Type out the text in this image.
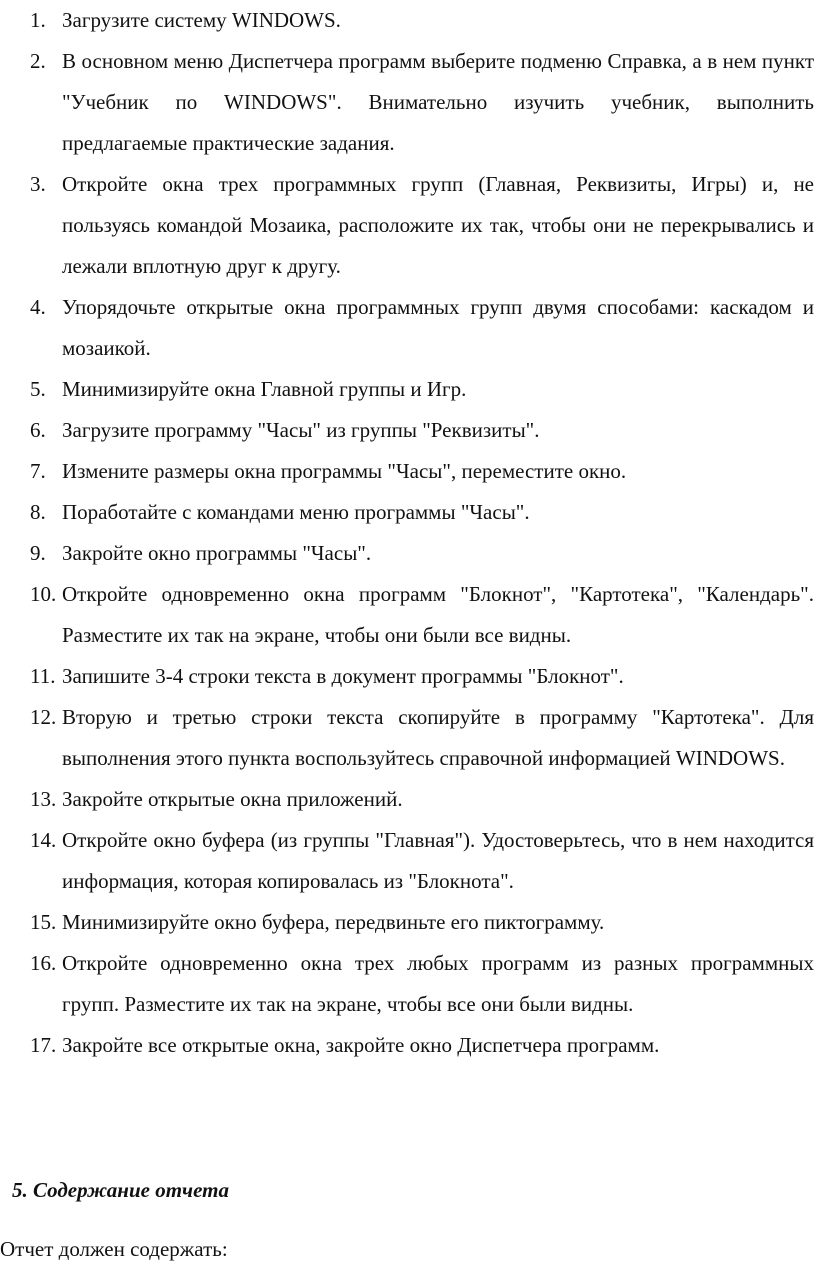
1. Загрузите систему WINDOWS.
2. В основном меню Диспетчера программ выберите подменю Справка, а в нем пункт "Учебник по WINDOWS". Внимательно изучить учебник, выполнить предлагаемые практические задания.
3. Откройте окна трех программных групп (Главная, Реквизиты, Игры) и, не пользуясь командой Мозаика, расположите их так, чтобы они не перекрывались и лежали вплотную друг к другу.
4. Упорядочьте открытые окна программных групп двумя способами: каскадом и мозаикой.
5. Минимизируйте окна Главной группы и Игр.
6. Загрузите программу "Часы" из группы "Реквизиты".
7. Измените размеры окна программы "Часы", переместите окно.
8. Поработайте с командами меню программы "Часы".
9. Закройте окно программы "Часы".
10. Откройте одновременно окна программ "Блокнот", "Картотека", "Календарь". Разместите их так на экране, чтобы они были все видны.
11. Запишите 3-4 строки текста в документ программы "Блокнот".
12. Вторую и третью строки текста скопируйте в программу "Картотека". Для выполнения этого пункта воспользуйтесь справочной информацией WINDOWS.
13. Закройте открытые окна приложений.
14. Откройте окно буфера (из группы "Главная"). Удостоверьтесь, что в нем находится информация, которая копировалась из "Блокнота".
15. Минимизируйте окно буфера, передвиньте его пиктограмму.
16. Откройте одновременно окна трех любых программ из разных программных групп. Разместите их так на экране, чтобы все они были видны.
17. Закройте все открытые окна, закройте окно Диспетчера программ.

5. Содержание отчета

Отчет должен содержать:
